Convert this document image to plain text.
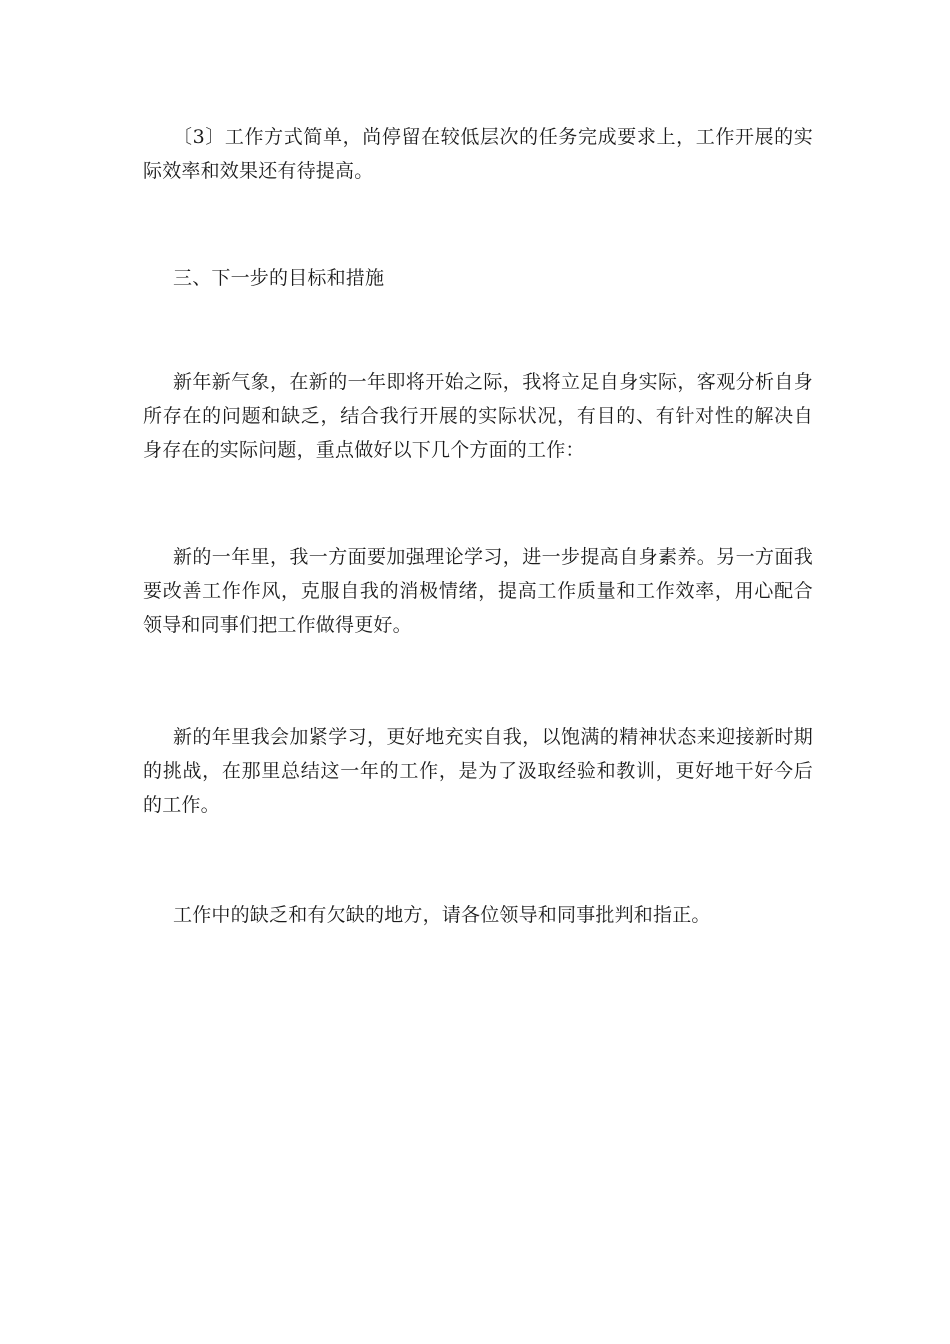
〔3〕工作方式简单，尚停留在较低层次的任务完成要求上，工作开展的实际效率和效果还有待提高。

三、下一步的目标和措施

新年新气象，在新的一年即将开始之际，我将立足自身实际，客观分析自身所存在的问题和缺乏，结合我行开展的实际状况，有目的、有针对性的解决自身存在的实际问题，重点做好以下几个方面的工作：

新的一年里，我一方面要加强理论学习，进一步提高自身素养。另一方面我要改善工作作风，克服自我的消极情绪，提高工作质量和工作效率，用心配合领导和同事们把工作做得更好。

新的年里我会加紧学习，更好地充实自我，以饱满的精神状态来迎接新时期的挑战，在那里总结这一年的工作，是为了汲取经验和教训，更好地干好今后的工作。

工作中的缺乏和有欠缺的地方，请各位领导和同事批判和指正。
